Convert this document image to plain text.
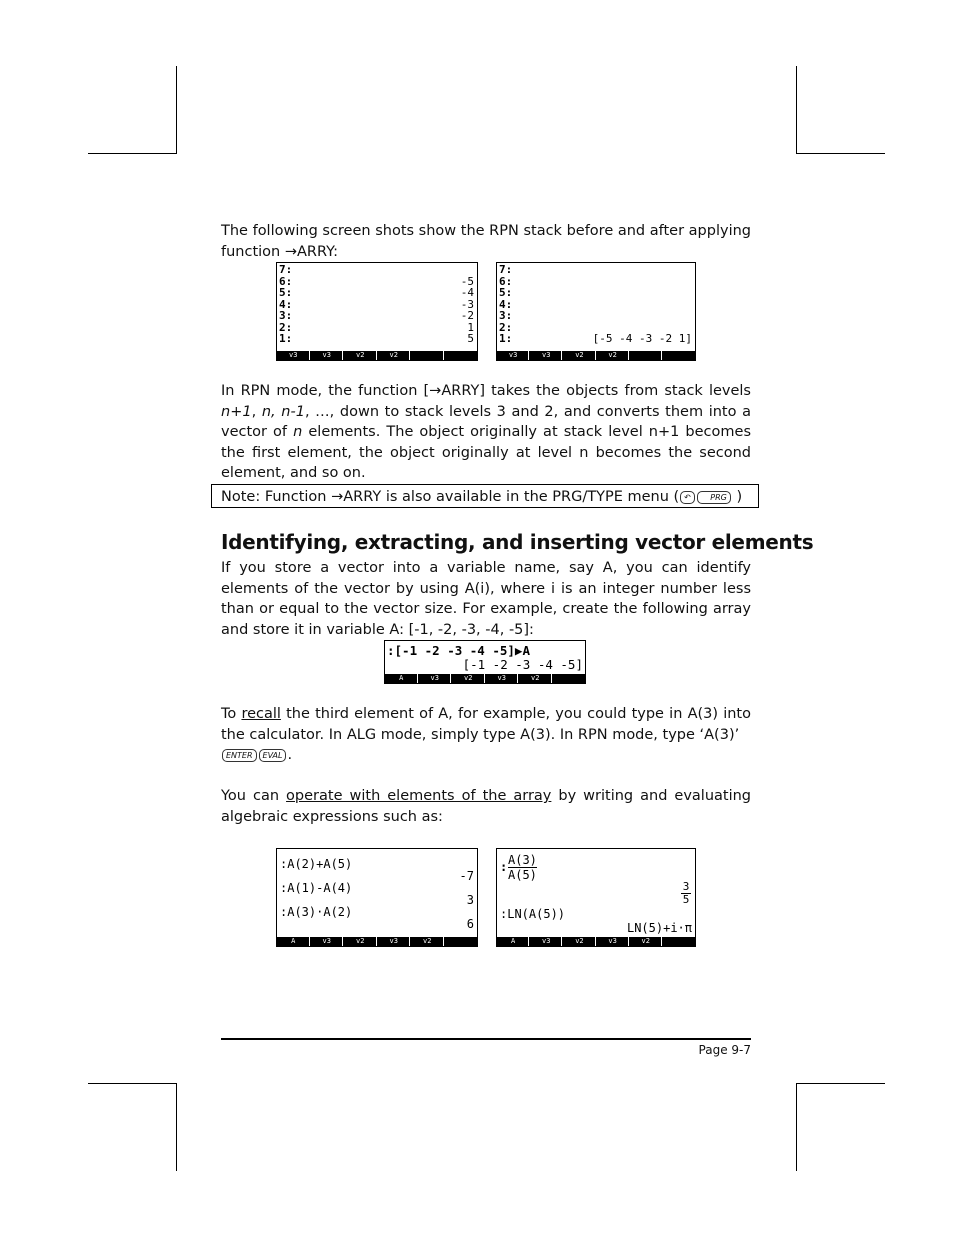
The following screen shots show the RPN stack before and after applying
function →ARRY:
7:
6:	-5
5:	-4
4:	-3
3:	-2
2:	1
1:	5
v3	v3	v2	v2
7:
6:
5:
4:
3:
2:
1:	[-5 -4 -3 -2 1]
v3	v3	v2	v2
In RPN mode, the function [→ARRY] takes the objects from stack levels n+1, n, n-1, …, down to stack levels 3 and 2, and converts them into a vector of n elements. The object originally at stack level n+1 becomes the first element, the object originally at level n becomes the second element, and so on.
Note: Function →ARRY is also available in the PRG/TYPE menu ( ↶ PRG )
Identifying, extracting, and inserting vector elements
If you store a vector into a variable name, say A, you can identify elements of the vector by using A(i), where i is an integer number less than or equal to the vector size. For example, create the following array and store it in variable A: [-1, -2, -3, -4, -5]:
:[-1 -2 -3 -4 -5]▶A
[-1 -2 -3 -4 -5]
A	v3	v2	v3	v2
To recall the third element of A, for example, you could type in A(3) into the calculator. In ALG mode, simply type A(3). In RPN mode, type ‘A(3)’
ENTER EVAL .
You can operate with elements of the array by writing and evaluating algebraic expressions such as:
:A(2)+A(5)
-7
:A(1)-A(4)
3
:A(3)·A(2)
6
A	v3	v2	v3	v2

:

A(3)

A(5)

$\frac{3}{5}$
:LN(A(5))
LN(5)+i·π
A	v3	v2	v3	v2
Page 9-7
